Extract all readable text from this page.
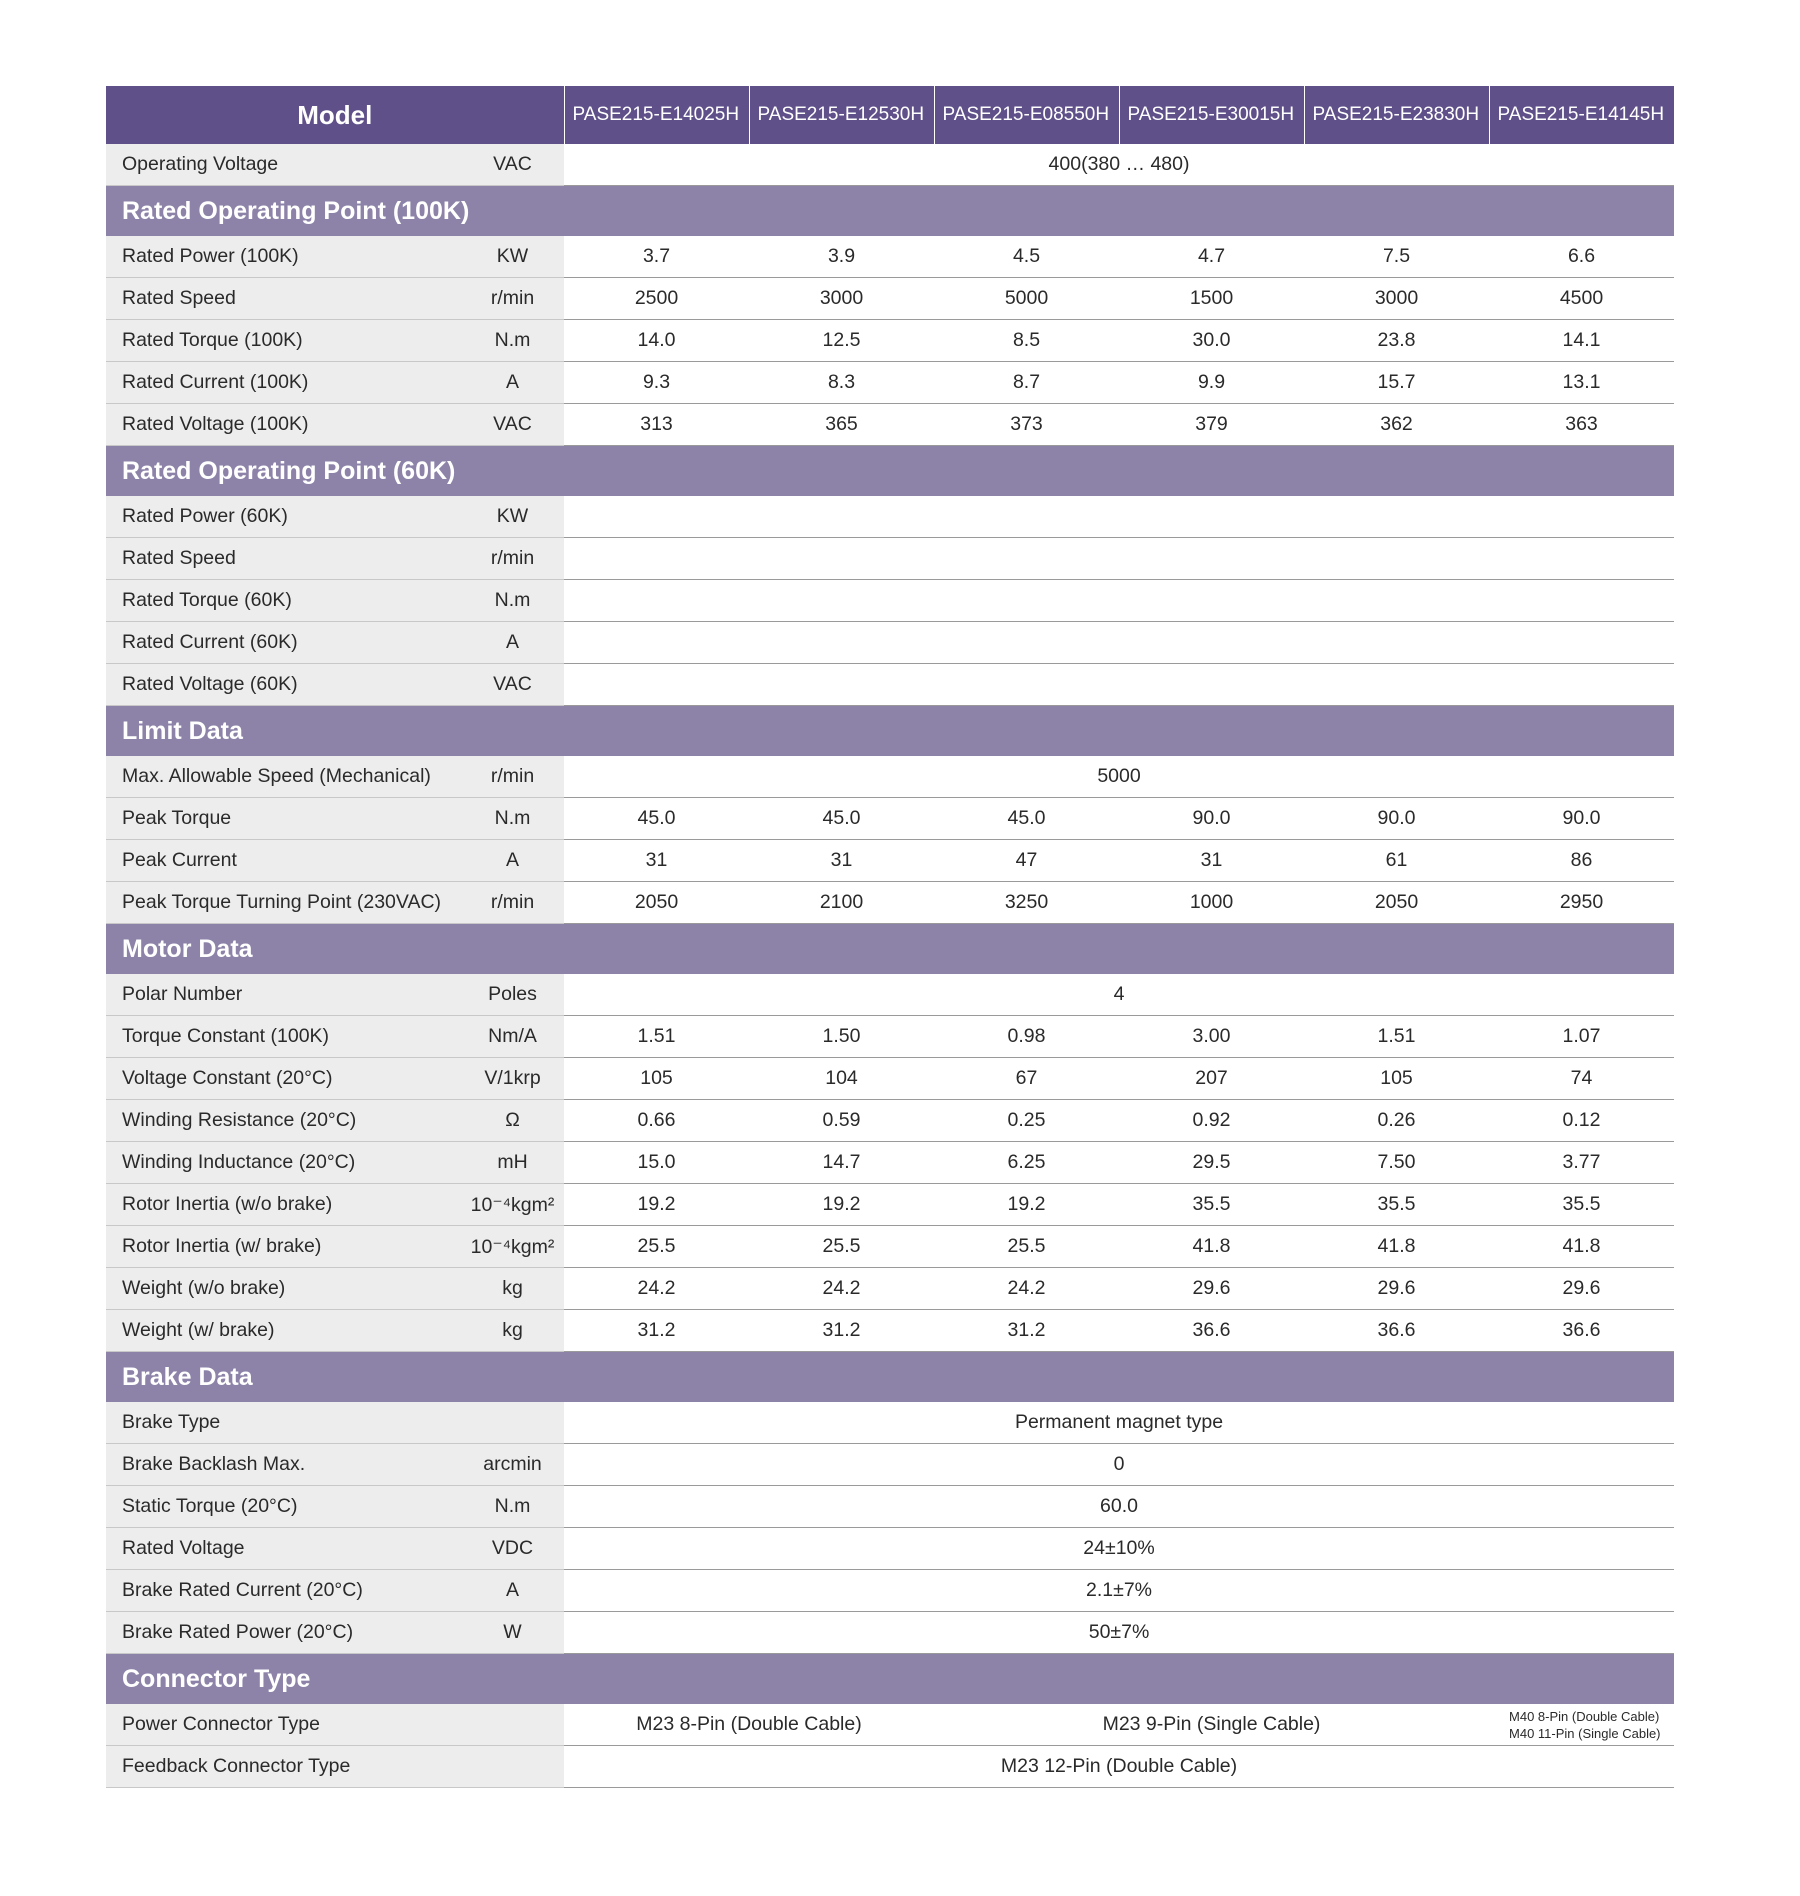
Model		PASE215-E14025H	PASE215-E12530H	PASE215-E08550H	PASE215-E30015H	PASE215-E23830H	PASE215-E14145H
Operating Voltage	VAC	400(380 … 480)					
Rated Operating Point (100K)							
Rated Power (100K)	KW	3.7	3.9	4.5	4.7	7.5	6.6
Rated Speed	r/min	2500	3000	5000	1500	3000	4500
Rated Torque (100K)	N.m	14.0	12.5	8.5	30.0	23.8	14.1
Rated Current (100K)	A	9.3	8.3	8.7	9.9	15.7	13.1
Rated Voltage (100K)	VAC	313	365	373	379	362	363
Rated Operating Point (60K)							
Rated Power (60K)	KW						
Rated Speed	r/min						
Rated Torque (60K)	N.m						
Rated Current (60K)	A						
Rated Voltage (60K)	VAC						
Limit Data							
Max. Allowable Speed (Mechanical)	r/min	5000					
Peak Torque	N.m	45.0	45.0	45.0	90.0	90.0	90.0
Peak Current	A	31	31	47	31	61	86
Peak Torque Turning Point (230VAC)	r/min	2050	2100	3250	1000	2050	2950
Motor Data							
Polar Number	Poles	4					
Torque Constant (100K)	Nm/A	1.51	1.50	0.98	3.00	1.51	1.07
Voltage Constant (20°C)	V/1krp	105	104	67	207	105	74
Winding Resistance (20°C)	Ω	0.66	0.59	0.25	0.92	0.26	0.12
Winding Inductance (20°C)	mH	15.0	14.7	6.25	29.5	7.50	3.77
Rotor Inertia (w/o brake)	10⁻⁴kgm²	19.2	19.2	19.2	35.5	35.5	35.5
Rotor Inertia (w/ brake)	10⁻⁴kgm²	25.5	25.5	25.5	41.8	41.8	41.8
Weight (w/o brake)	kg	24.2	24.2	24.2	29.6	29.6	29.6
Weight (w/ brake)	kg	31.2	31.2	31.2	36.6	36.6	36.6
Brake Data							
Brake Type		Permanent magnet type					
Brake Backlash Max.	arcmin	0					
Static Torque (20°C)	N.m	60.0					
Rated Voltage	VDC	24±10%					
Brake Rated Current (20°C)	A	2.1±7%					
Brake Rated Power (20°C)	W	50±7%					
Connector Type							
Power Connector Type		M23 8-Pin (Double Cable)		M23 9-Pin (Single Cable)			M40 8-Pin (Double Cable)
M40 11-Pin (Single Cable)

Feedback Connector Type		M23 12-Pin (Double Cable)					
